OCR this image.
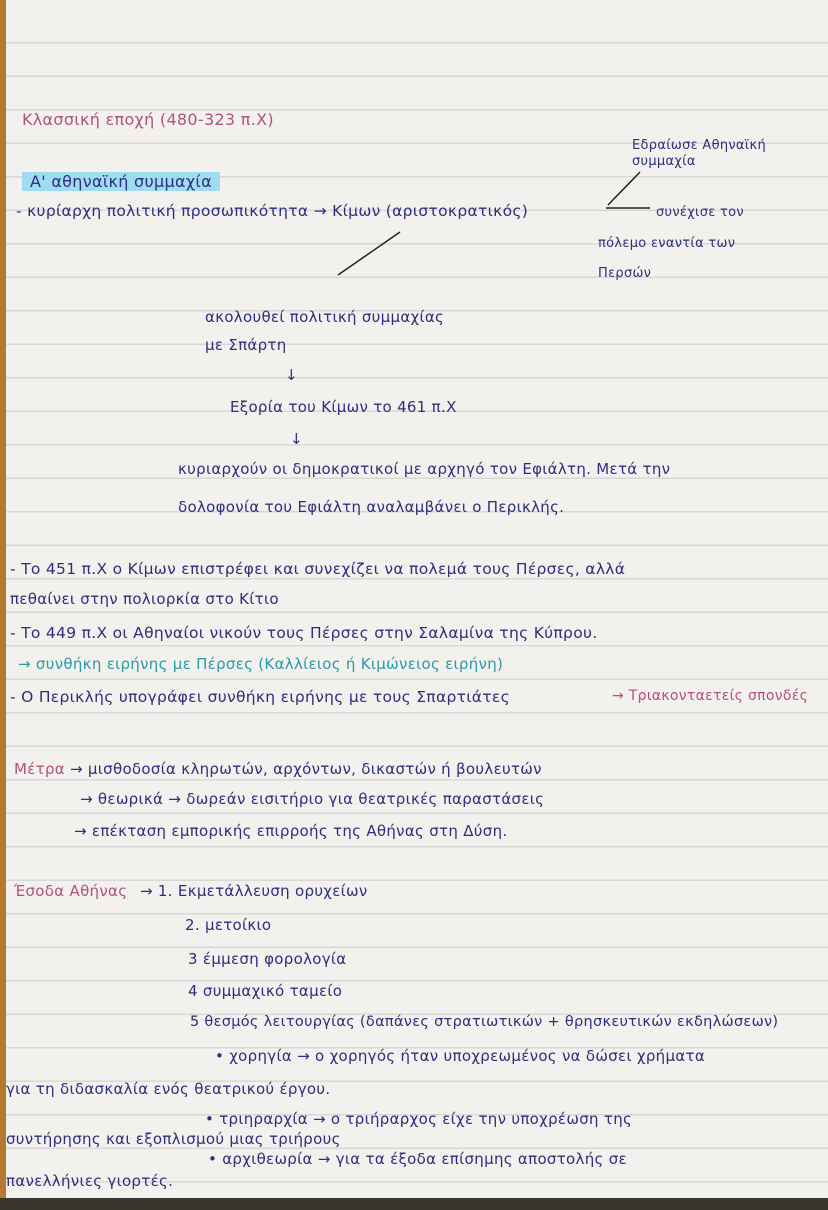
Κλασσική εποχή (480-323 π.Χ)
Εδραίωσε Αθηναϊκή
συμμαχία
Α' αθηναϊκή συμμαχία
- κυρίαρχη πολιτική προσωπικότητα → Κίμων (αριστοκρατικός)	συνέχισε τον
πόλεμο εναντία των
Περσών
ακολουθεί πολιτική συμμαχίας
με Σπάρτη
↓
Εξορία του Κίμων το 461 π.Χ
↓
κυριαρχούν οι δημοκρατικοί με αρχηγό τον Εφιάλτη. Μετά την
δολοφονία του Εφιάλτη αναλαμβάνει ο Περικλής.
- Το 451 π.Χ ο Κίμων επιστρέφει και συνεχίζει να πολεμά τους Πέρσες, αλλά
πεθαίνει στην πολιορκία στο Κίτιο
- Το 449 π.Χ οι Αθηναίοι νικούν τους Πέρσες στην Σαλαμίνα της Κύπρου.
→ συνθήκη ειρήνης με Πέρσες (Καλλίειος ή Κιμώνειος ειρήνη)
- Ο Περικλής υπογράφει συνθήκη ειρήνης με τους Σπαρτιάτες	→ Τριακονταετείς σπονδές
Μέτρα → μισθοδοσία κληρωτών, αρχόντων, δικαστών ή βουλευτών
→ θεωρικά → δωρεάν εισιτήριο για θεατρικές παραστάσεις
→ επέκταση εμπορικής επιρροής της Αθήνας στη Δύση.
Έσοδα Αθήνας → 1. Εκμετάλλευση ορυχείων
2. μετοίκιο
3 έμμεση φορολογία
4 συμμαχικό ταμείο
5 θεσμός λειτουργίας (δαπάνες στρατιωτικών + θρησκευτικών εκδηλώσεων)
• χορηγία → ο χορηγός ήταν υποχρεωμένος να δώσει χρήματα
για τη διδασκαλία ενός θεατρικού έργου.
• τριηραρχία → ο τριήραρχος είχε την υποχρέωση της
συντήρησης και εξοπλισμού μιας τριήρους
• αρχιθεωρία → για τα έξοδα επίσημης αποστολής σε
πανελλήνιες γιορτές.
